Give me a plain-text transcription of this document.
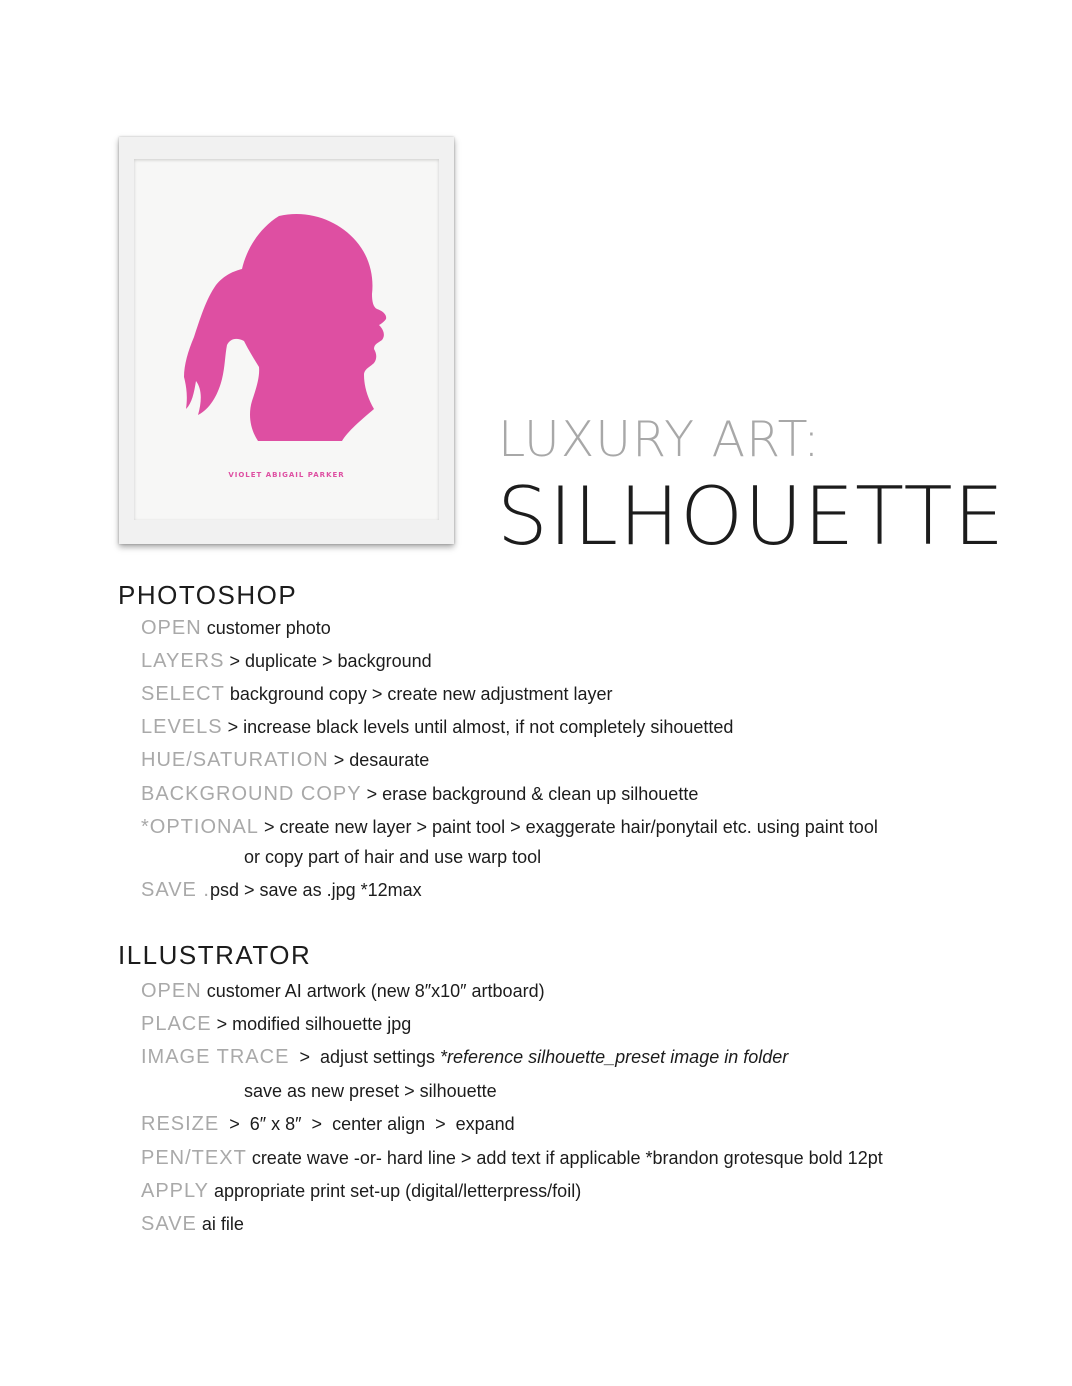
VIOLET ABIGAIL PARKER
LUXURY ART:
SILHOUETTE
PHOTOSHOP
OPEN customer photo
LAYERS > duplicate > background
SELECT background copy > create new adjustment layer
LEVELS > increase black levels until almost, if not completely sihouetted
HUE/SATURATION > desaurate
BACKGROUND COPY > erase background & clean up silhouette
*OPTIONAL > create new layer > paint tool > exaggerate hair/ponytail etc. using paint tool
or copy part of hair and use warp tool
SAVE .psd > save as .jpg *12max
ILLUSTRATOR
OPEN customer AI artwork (new 8″x10″ artboard)
PLACE > modified silhouette jpg
IMAGE TRACE  >  adjust settings *reference silhouette_preset image in folder
save as new preset > silhouette
RESIZE  >  6″ x 8″  >  center align  >  expand
PEN/TEXT create wave -or- hard line > add text if applicable *brandon grotesque bold 12pt
APPLY appropriate print set-up (digital/letterpress/foil)
SAVE ai file
